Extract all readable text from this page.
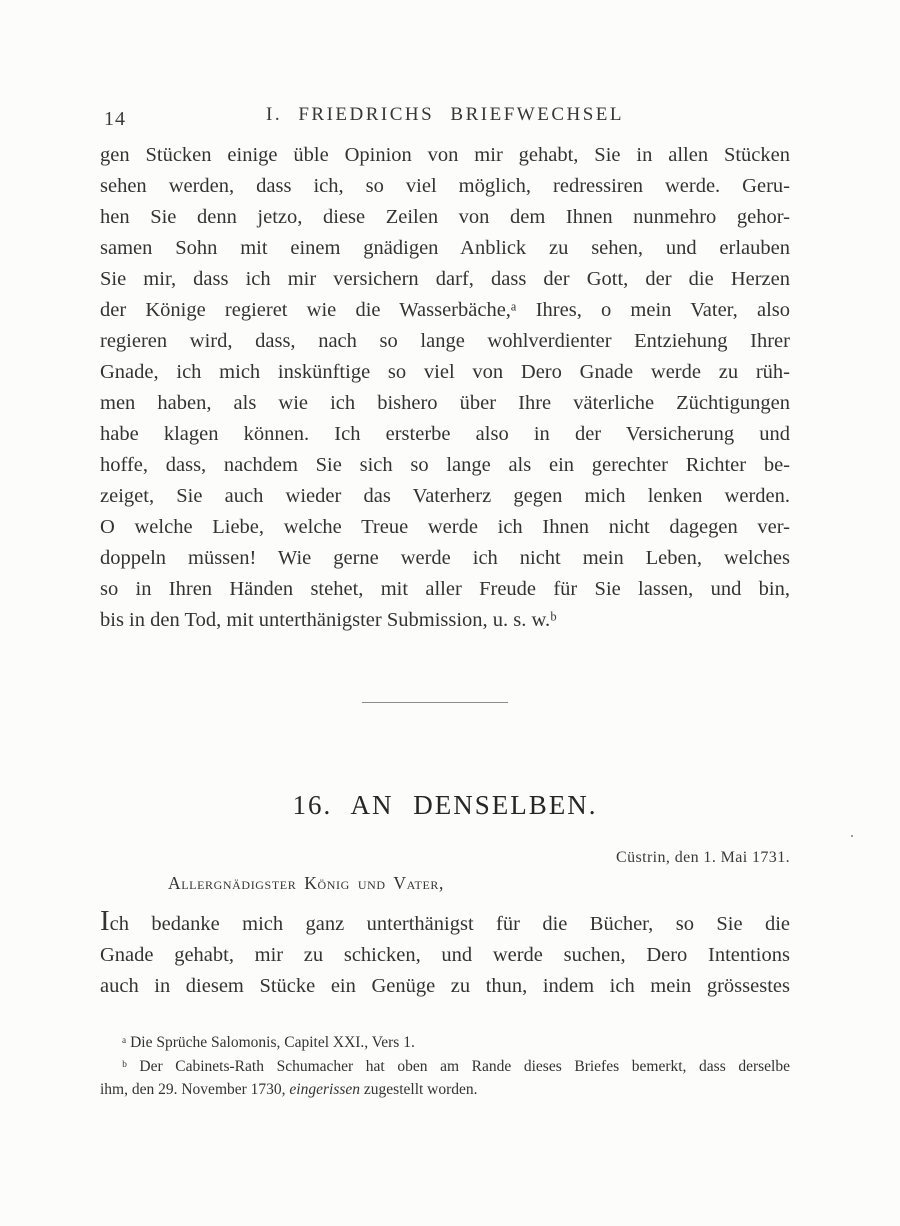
14	I. FRIEDRICHS BRIEFWECHSEL
gen Stücken einige üble Opinion von mir gehabt, Sie in allen Stücken
sehen werden, dass ich, so viel möglich, redressiren werde. Geru-
hen Sie denn jetzo, diese Zeilen von dem Ihnen nunmehro gehor-
samen Sohn mit einem gnädigen Anblick zu sehen, und erlauben
Sie mir, dass ich mir versichern darf, dass der Gott, der die Herzen
der Könige regieret wie die Wasserbäche,ᵃ Ihres, o mein Vater, also
regieren wird, dass, nach so lange wohlverdienter Entziehung Ihrer
Gnade, ich mich inskünftige so viel von Dero Gnade werde zu rüh-
men haben, als wie ich bishero über Ihre väterliche Züchtigungen
habe klagen können. Ich ersterbe also in der Versicherung und
hoffe, dass, nachdem Sie sich so lange als ein gerechter Richter be-
zeiget, Sie auch wieder das Vaterherz gegen mich lenken werden.
O welche Liebe, welche Treue werde ich Ihnen nicht dagegen ver-
doppeln müssen! Wie gerne werde ich nicht mein Leben, welches
so in Ihren Händen stehet, mit aller Freude für Sie lassen, und bin,
bis in den Tod, mit unterthänigster Submission, u. s. w.ᵇ
16. AN DENSELBEN.
Cüstrin, den 1. Mai 1731.
Allergnädigster König und Vater,
Ich bedanke mich ganz unterthänigst für die Bücher, so Sie die
Gnade gehabt, mir zu schicken, und werde suchen, Dero Intentions
auch in diesem Stücke ein Genüge zu thun, indem ich mein grössestes
ᵃ Die Sprüche Salomonis, Capitel XXI., Vers 1.
ᵇ Der Cabinets-Rath Schumacher hat oben am Rande dieses Briefes bemerkt, dass derselbe
ihm, den 29. November 1730, eingerissen zugestellt worden.
